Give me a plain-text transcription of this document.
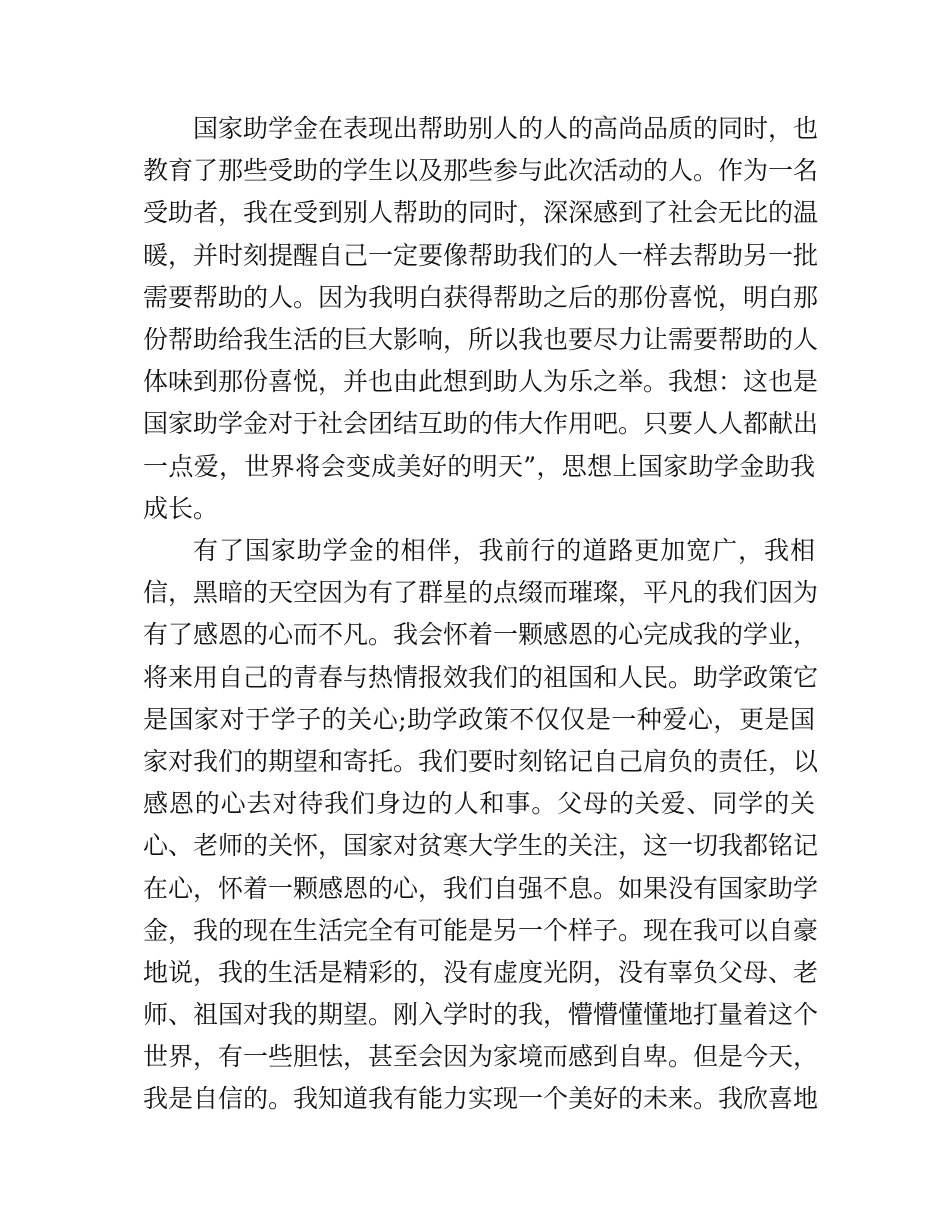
国家助学金在表现出帮助别人的人的高尚品质的同时，也
教育了那些受助的学生以及那些参与此次活动的人。作为一名
受助者，我在受到别人帮助的同时，深深感到了社会无比的温
暖，并时刻提醒自己一定要像帮助我们的人一样去帮助另一批
需要帮助的人。因为我明白获得帮助之后的那份喜悦，明白那
份帮助给我生活的巨大影响，所以我也要尽力让需要帮助的人
体味到那份喜悦，并也由此想到助人为乐之举。我想：这也是
国家助学金对于社会团结互助的伟大作用吧。只要人人都献出
一点爱，世界将会变成美好的明天”，思想上国家助学金助我
成长。
有了国家助学金的相伴，我前行的道路更加宽广，我相
信，黑暗的天空因为有了群星的点缀而璀璨，平凡的我们因为
有了感恩的心而不凡。我会怀着一颗感恩的心完成我的学业，
将来用自己的青春与热情报效我们的祖国和人民。助学政策它
是国家对于学子的关心;助学政策不仅仅是一种爱心，更是国
家对我们的期望和寄托。我们要时刻铭记自己肩负的责任，以
感恩的心去对待我们身边的人和事。父母的关爱、同学的关
心、老师的关怀，国家对贫寒大学生的关注，这一切我都铭记
在心，怀着一颗感恩的心，我们自强不息。如果没有国家助学
金，我的现在生活完全有可能是另一个样子。现在我可以自豪
地说，我的生活是精彩的，没有虚度光阴，没有辜负父母、老
师、祖国对我的期望。刚入学时的我，懵懵懂懂地打量着这个
世界，有一些胆怯，甚至会因为家境而感到自卑。但是今天，
我是自信的。我知道我有能力实现一个美好的未来。我欣喜地
